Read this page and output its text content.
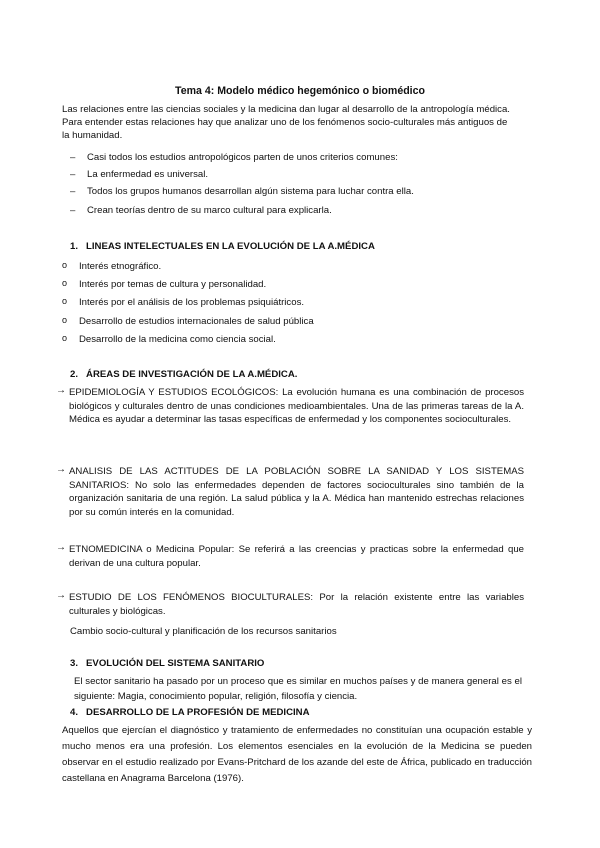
Tema 4: Modelo médico hegemónico o biomédico
Las relaciones entre las ciencias sociales y la medicina dan lugar al desarrollo de la antropología médica.
Para entender estas relaciones hay que analizar uno de los fenómenos socio-culturales más antiguos de
la humanidad.
– Casi todos los estudios antropológicos parten de unos criterios comunes:
– La enfermedad es universal.
– Todos los grupos humanos desarrollan algún sistema para luchar contra ella.
– Crean teorías dentro de su marco cultural para explicarla.
1. LINEAS INTELECTUALES EN LA EVOLUCIÓN DE LA A.MÉDICA
o Interés etnográfico.
o Interés por temas de cultura y personalidad.
o Interés por el análisis de los problemas psiquiátricos.
o Desarrollo de estudios internacionales de salud pública
o Desarrollo de la medicina como ciencia social.
2. ÁREAS DE INVESTIGACIÓN DE LA A.MÉDICA.
→ EPIDEMIOLOGÍA Y ESTUDIOS ECOLÓGICOS: La evolución humana es una combinación de procesos biológicos y culturales dentro de unas condiciones medioambientales. Una de las primeras tareas de la A. Médica es ayudar a determinar las tasas específicas de enfermedad y los componentes socioculturales.
→ ANALISIS DE LAS ACTITUDES DE LA POBLACIÓN SOBRE LA SANIDAD Y LOS SISTEMAS SANITARIOS: No solo las enfermedades dependen de factores socioculturales sino también de la organización sanitaria de una región. La salud pública y la A. Médica han mantenido estrechas relaciones por su común interés en la comunidad.
→ ETNOMEDICINA o Medicina Popular: Se referirá a las creencias y practicas sobre la enfermedad que derivan de una cultura popular.
→ ESTUDIO DE LOS FENÓMENOS BIOCULTURALES: Por la relación existente entre las variables culturales y biológicas.
Cambio socio-cultural y planificación de los recursos sanitarios
3. EVOLUCIÓN DEL SISTEMA SANITARIO
El sector sanitario ha pasado por un proceso que es similar en muchos países y de manera general es el siguiente: Magia, conocimiento popular, religión, filosofía y ciencia.
4. DESARROLLO DE LA PROFESIÓN DE MEDICINA
Aquellos que ejercían el diagnóstico y tratamiento de enfermedades no constituían una ocupación estable y mucho menos era una profesión. Los elementos esenciales en la evolución de la Medicina se pueden observar en el estudio realizado por Evans-Pritchard de los azande del este de África, publicado en traducción castellana en Anagrama Barcelona (1976).
